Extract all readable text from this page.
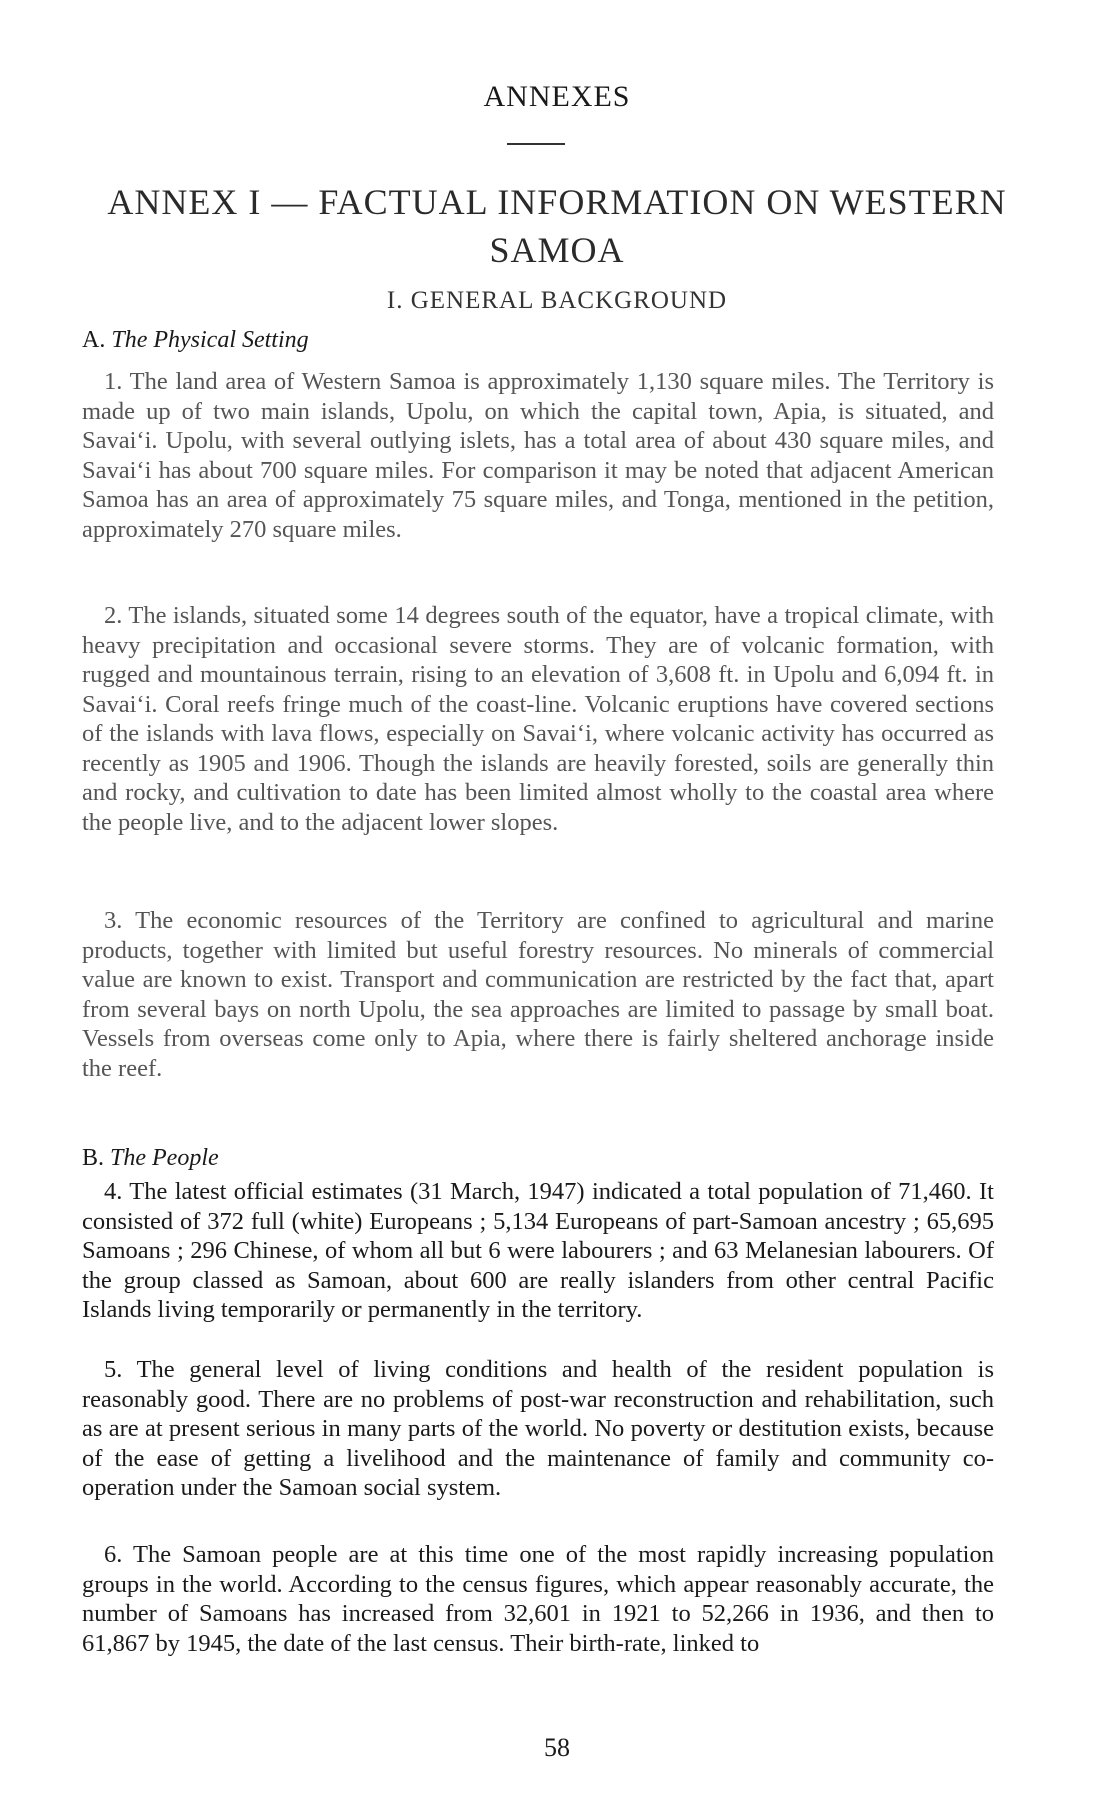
ANNEXES
ANNEX I — FACTUAL INFORMATION ON WESTERN SAMOA
I. GENERAL BACKGROUND
A. The Physical Setting

1. The land area of Western Samoa is approximately 1,130 square miles. The Territory is made up of two main islands, Upolu, on which the capital town, Apia, is situated, and Savai‘i. Upolu, with several outlying islets, has a total area of about 430 square miles, and Savai‘i has about 700 square miles. For comparison it may be noted that adjacent American Samoa has an area of approximately 75 square miles, and Tonga, mentioned in the petition, approximately 270 square miles.

2. The islands, situated some 14 degrees south of the equator, have a tropical climate, with heavy precipitation and occasional severe storms. They are of volcanic formation, with rugged and mountainous terrain, rising to an elevation of 3,608 ft. in Upolu and 6,094 ft. in Savai‘i. Coral reefs fringe much of the coast-line. Volcanic eruptions have covered sections of the islands with lava flows, especially on Savai‘i, where volcanic activity has occurred as recently as 1905 and 1906. Though the islands are heavily forested, soils are generally thin and rocky, and cultivation to date has been limited almost wholly to the coastal area where the people live, and to the adjacent lower slopes.

3. The economic resources of the Territory are confined to agricultural and marine products, together with limited but useful forestry resources. No minerals of commercial value are known to exist. Transport and communication are restricted by the fact that, apart from several bays on north Upolu, the sea approaches are limited to passage by small boat. Vessels from overseas come only to Apia, where there is fairly sheltered anchorage inside the reef.

B. The People

4. The latest official estimates (31 March, 1947) indicated a total population of 71,460. It consisted of 372 full (white) Europeans ; 5,134 Europeans of part-Samoan ancestry ; 65,695 Samoans ; 296 Chinese, of whom all but 6 were labourers ; and 63 Melanesian labourers. Of the group classed as Samoan, about 600 are really islanders from other central Pacific Islands living temporarily or permanently in the territory.

5. The general level of living conditions and health of the resident population is reasonably good. There are no problems of post-war reconstruction and rehabilitation, such as are at present serious in many parts of the world. No poverty or destitution exists, because of the ease of getting a livelihood and the maintenance of family and community co-operation under the Samoan social system.

6. The Samoan people are at this time one of the most rapidly increasing population groups in the world. According to the census figures, which appear reasonably accurate, the number of Samoans has increased from 32,601 in 1921 to 52,266 in 1936, and then to 61,867 by 1945, the date of the last census. Their birth-rate, linked to

58
